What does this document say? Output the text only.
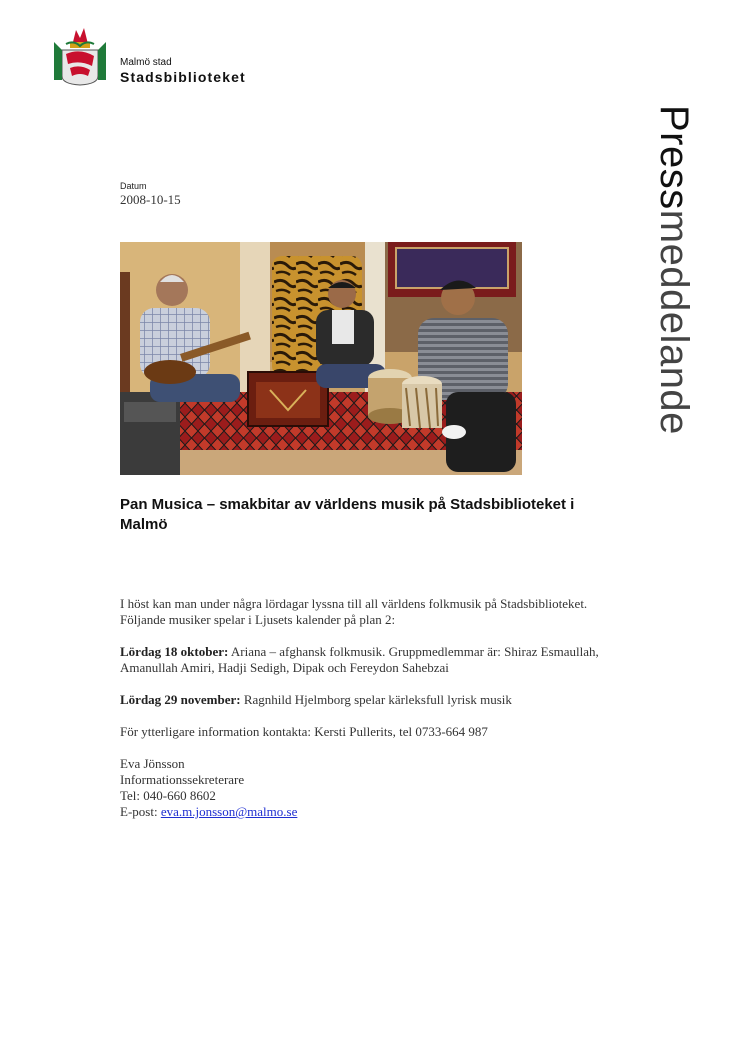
Malmö stad
Stadsbiblioteket
Pressmeddelande
Datum
2008-10-15
Pan Musica – smakbitar av världens musik på Stadsbiblioteket i Malmö

I höst kan man under några lördagar lyssna till all världens folkmusik på Stadsbiblioteket.

Följande musiker spelar i Ljusets kalender på plan 2:

Lördag 18 oktober: Ariana – afghansk folkmusik. Gruppmedlemmar är: Shiraz Esmaullah, Amanullah Amiri, Hadji Sedigh, Dipak och Fereydon Sahebzai

Lördag 29 november: Ragnhild Hjelmborg spelar kärleksfull lyrisk musik

För ytterligare information kontakta: Kersti Pullerits, tel 0733-664 987

Eva Jönsson

Informationssekreterare

Tel: 040-660 8602

E-post: eva.m.jonsson@malmo.se
